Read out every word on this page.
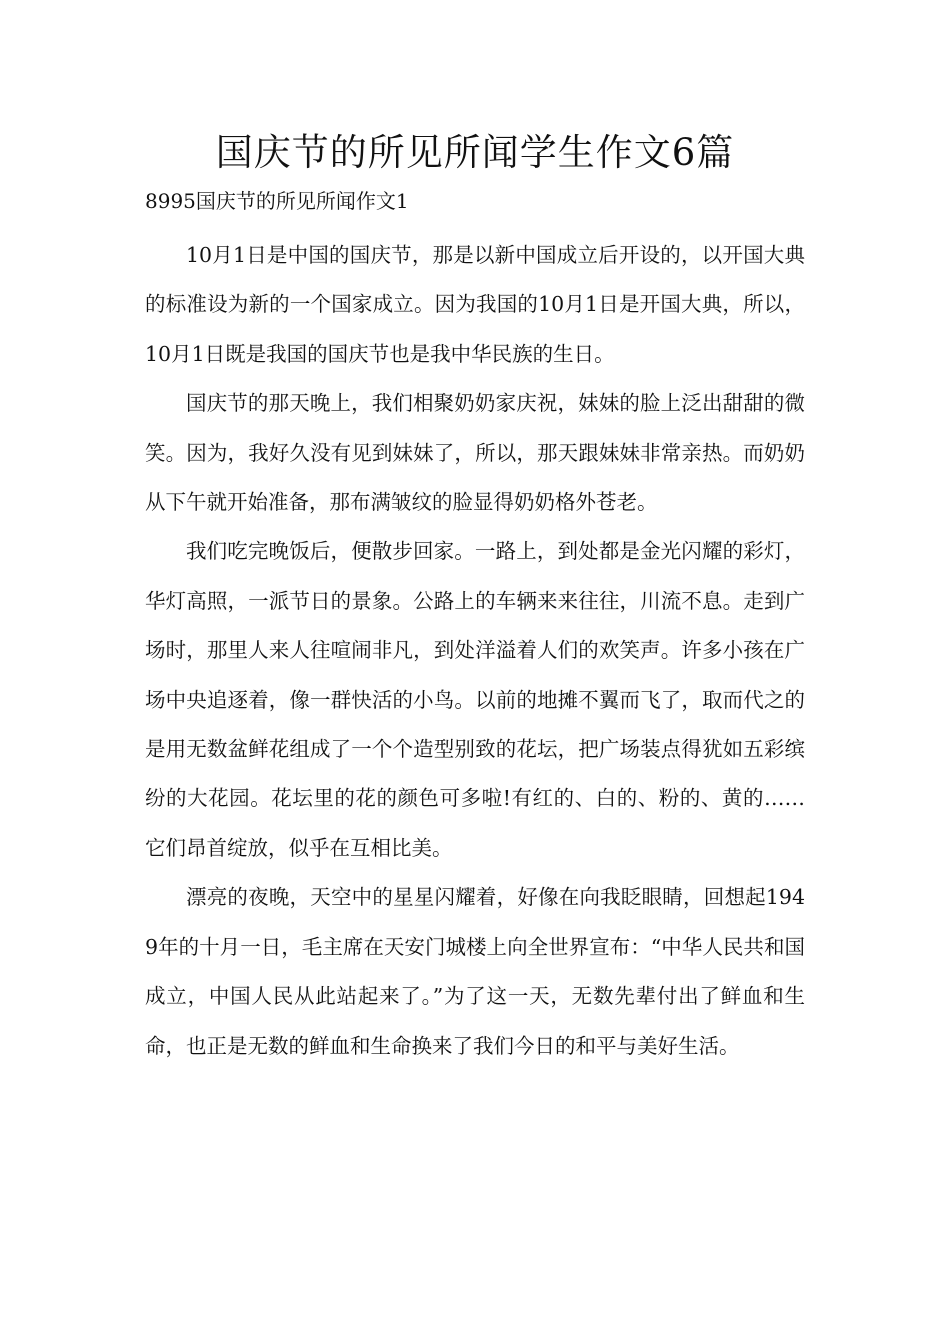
国庆节的所见所闻学生作文6篇

8995国庆节的所见所闻作文1

10月1日是中国的国庆节，那是以新中国成立后开设的，以开国大典的标准设为新的一个国家成立。因为我国的10月1日是开国大典，所以，10月1日既是我国的国庆节也是我中华民族的生日。

国庆节的那天晚上，我们相聚奶奶家庆祝，妹妹的脸上泛出甜甜的微笑。因为，我好久没有见到妹妹了，所以，那天跟妹妹非常亲热。而奶奶从下午就开始准备，那布满皱纹的脸显得奶奶格外苍老。

我们吃完晚饭后，便散步回家。一路上，到处都是金光闪耀的彩灯，华灯高照，一派节日的景象。公路上的车辆来来往往，川流不息。走到广场时，那里人来人往喧闹非凡，到处洋溢着人们的欢笑声。许多小孩在广场中央追逐着，像一群快活的小鸟。以前的地摊不翼而飞了，取而代之的是用无数盆鲜花组成了一个个造型别致的花坛，把广场装点得犹如五彩缤纷的大花园。花坛里的花的颜色可多啦!有红的、白的、粉的、黄的……它们昂首绽放，似乎在互相比美。

漂亮的夜晚，天空中的星星闪耀着，好像在向我眨眼睛，回想起1949年的十月一日，毛主席在天安门城楼上向全世界宣布：“中华人民共和国成立，中国人民从此站起来了。”为了这一天，无数先辈付出了鲜血和生命，也正是无数的鲜血和生命换来了我们今日的和平与美好生活。
